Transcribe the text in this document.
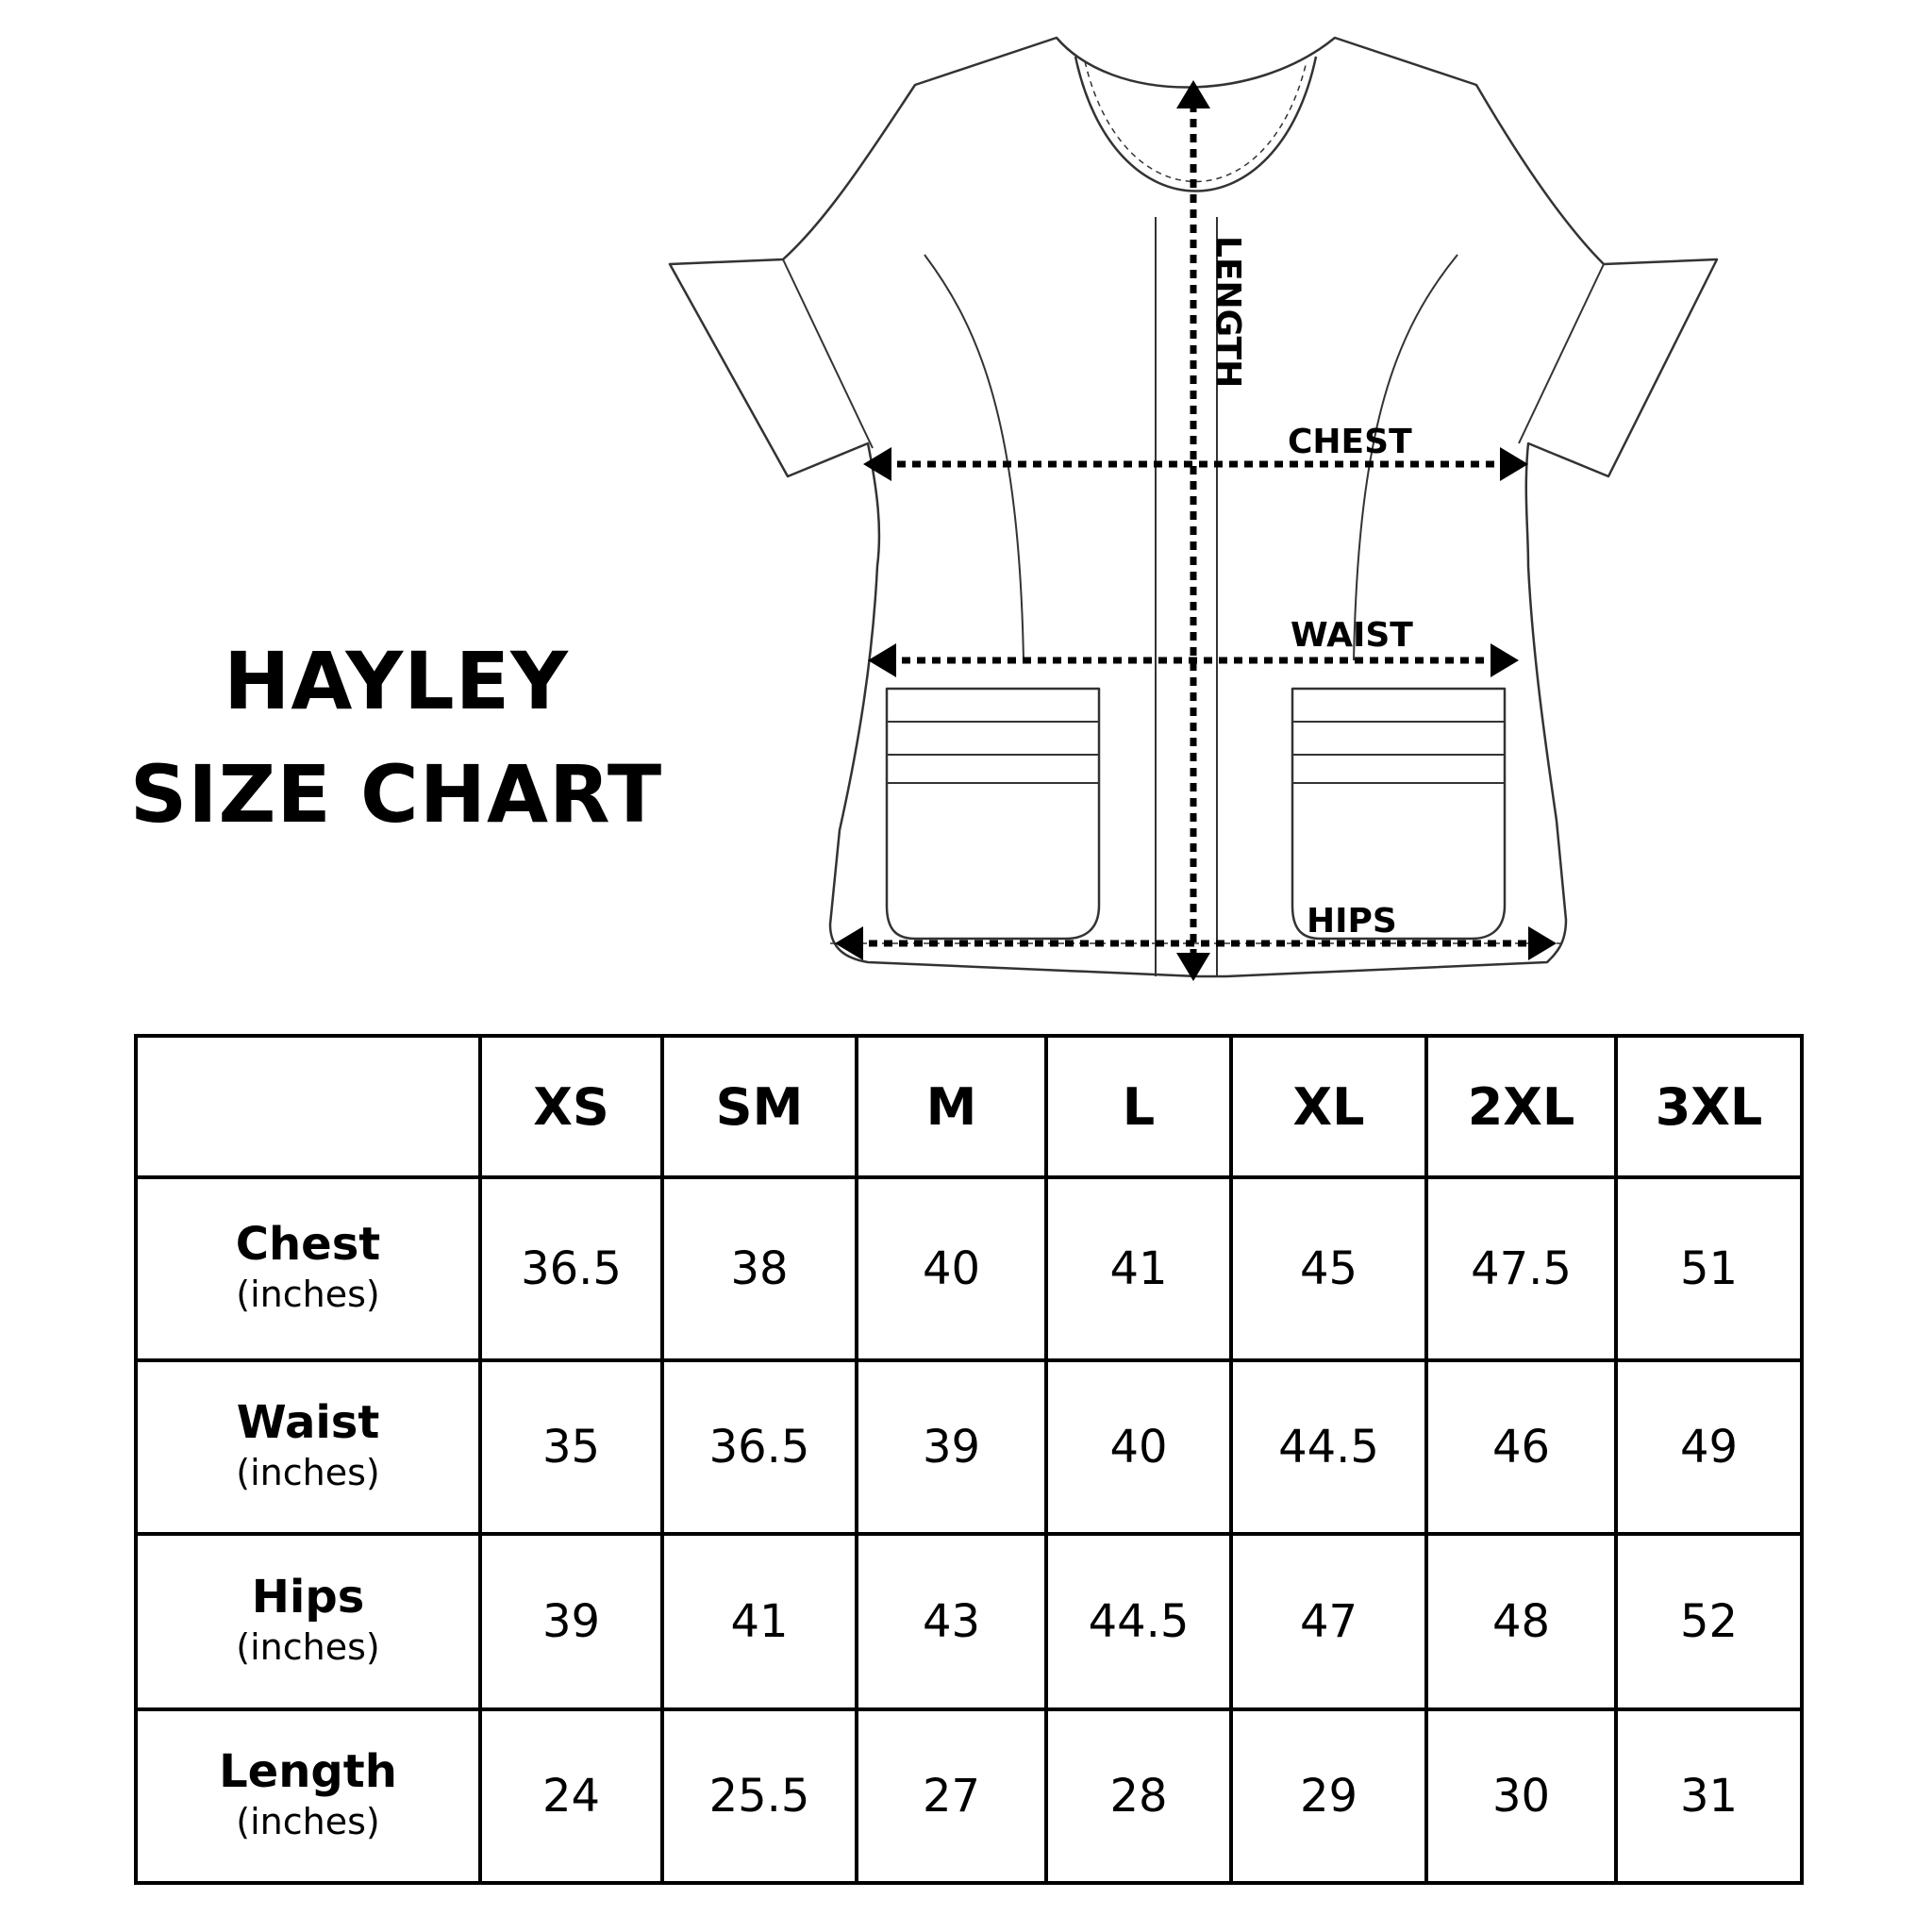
HAYLEY
SIZE CHART
LENGTH
CHEST
WAIST
HIPS
	XS	SM	M	L	XL	2XL	3XL

Chest
(inches)	36.5	38	40	41	45	47.5	51

Waist
(inches)	35	36.5	39	40	44.5	46	49

Hips
(inches)	39	41	43	44.5	47	48	52

Length
(inches)	24	25.5	27	28	29	30	31
